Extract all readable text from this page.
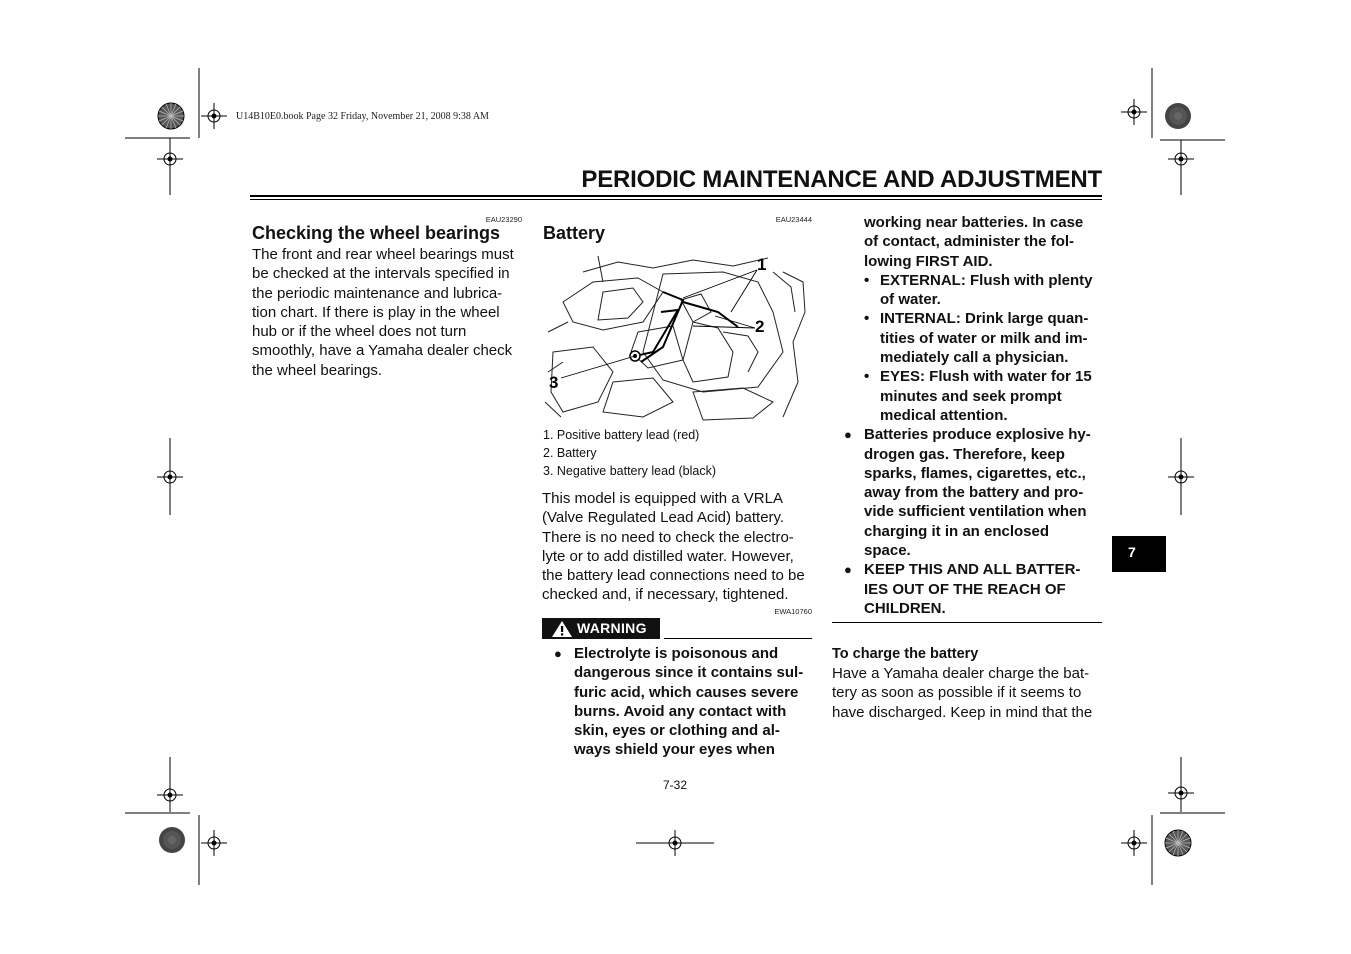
U14B10E0.book Page 32 Friday, November 21, 2008 9:38 AM
PERIODIC MAINTENANCE AND ADJUSTMENT
EAU23290
Checking the wheel bearings
The front and rear wheel bearings must
be checked at the intervals specified in
the periodic maintenance and lubrica-
tion chart. If there is play in the wheel
hub or if the wheel does not turn
smoothly, have a Yamaha dealer check
the wheel bearings.
EAU23444
Battery
1
2
3
1. Positive battery lead (red)
2. Battery
3. Negative battery lead (black)
This model is equipped with a VRLA
(Valve Regulated Lead Acid) battery.
There is no need to check the electro-
lyte or to add distilled water. However,
the battery lead connections need to be
checked and, if necessary, tightened.
EWA10760
WARNING
● Electrolyte is poisonous and
dangerous since it contains sul-
furic acid, which causes severe
burns. Avoid any contact with
skin, eyes or clothing and al-
ways shield your eyes when
working near batteries. In case
of contact, administer the fol-
lowing FIRST AID.
• EXTERNAL: Flush with plenty
of water.
• INTERNAL: Drink large quan-
tities of water or milk and im-
mediately call a physician.
• EYES: Flush with water for 15
minutes and seek prompt
medical attention.
● Batteries produce explosive hy-
drogen gas. Therefore, keep
sparks, flames, cigarettes, etc.,
away from the battery and pro-
vide sufficient ventilation when
charging it in an enclosed
space.
● KEEP THIS AND ALL BATTER-
IES OUT OF THE REACH OF
CHILDREN.
To charge the battery
Have a Yamaha dealer charge the bat-
tery as soon as possible if it seems to
have discharged. Keep in mind that the
7
7-32
